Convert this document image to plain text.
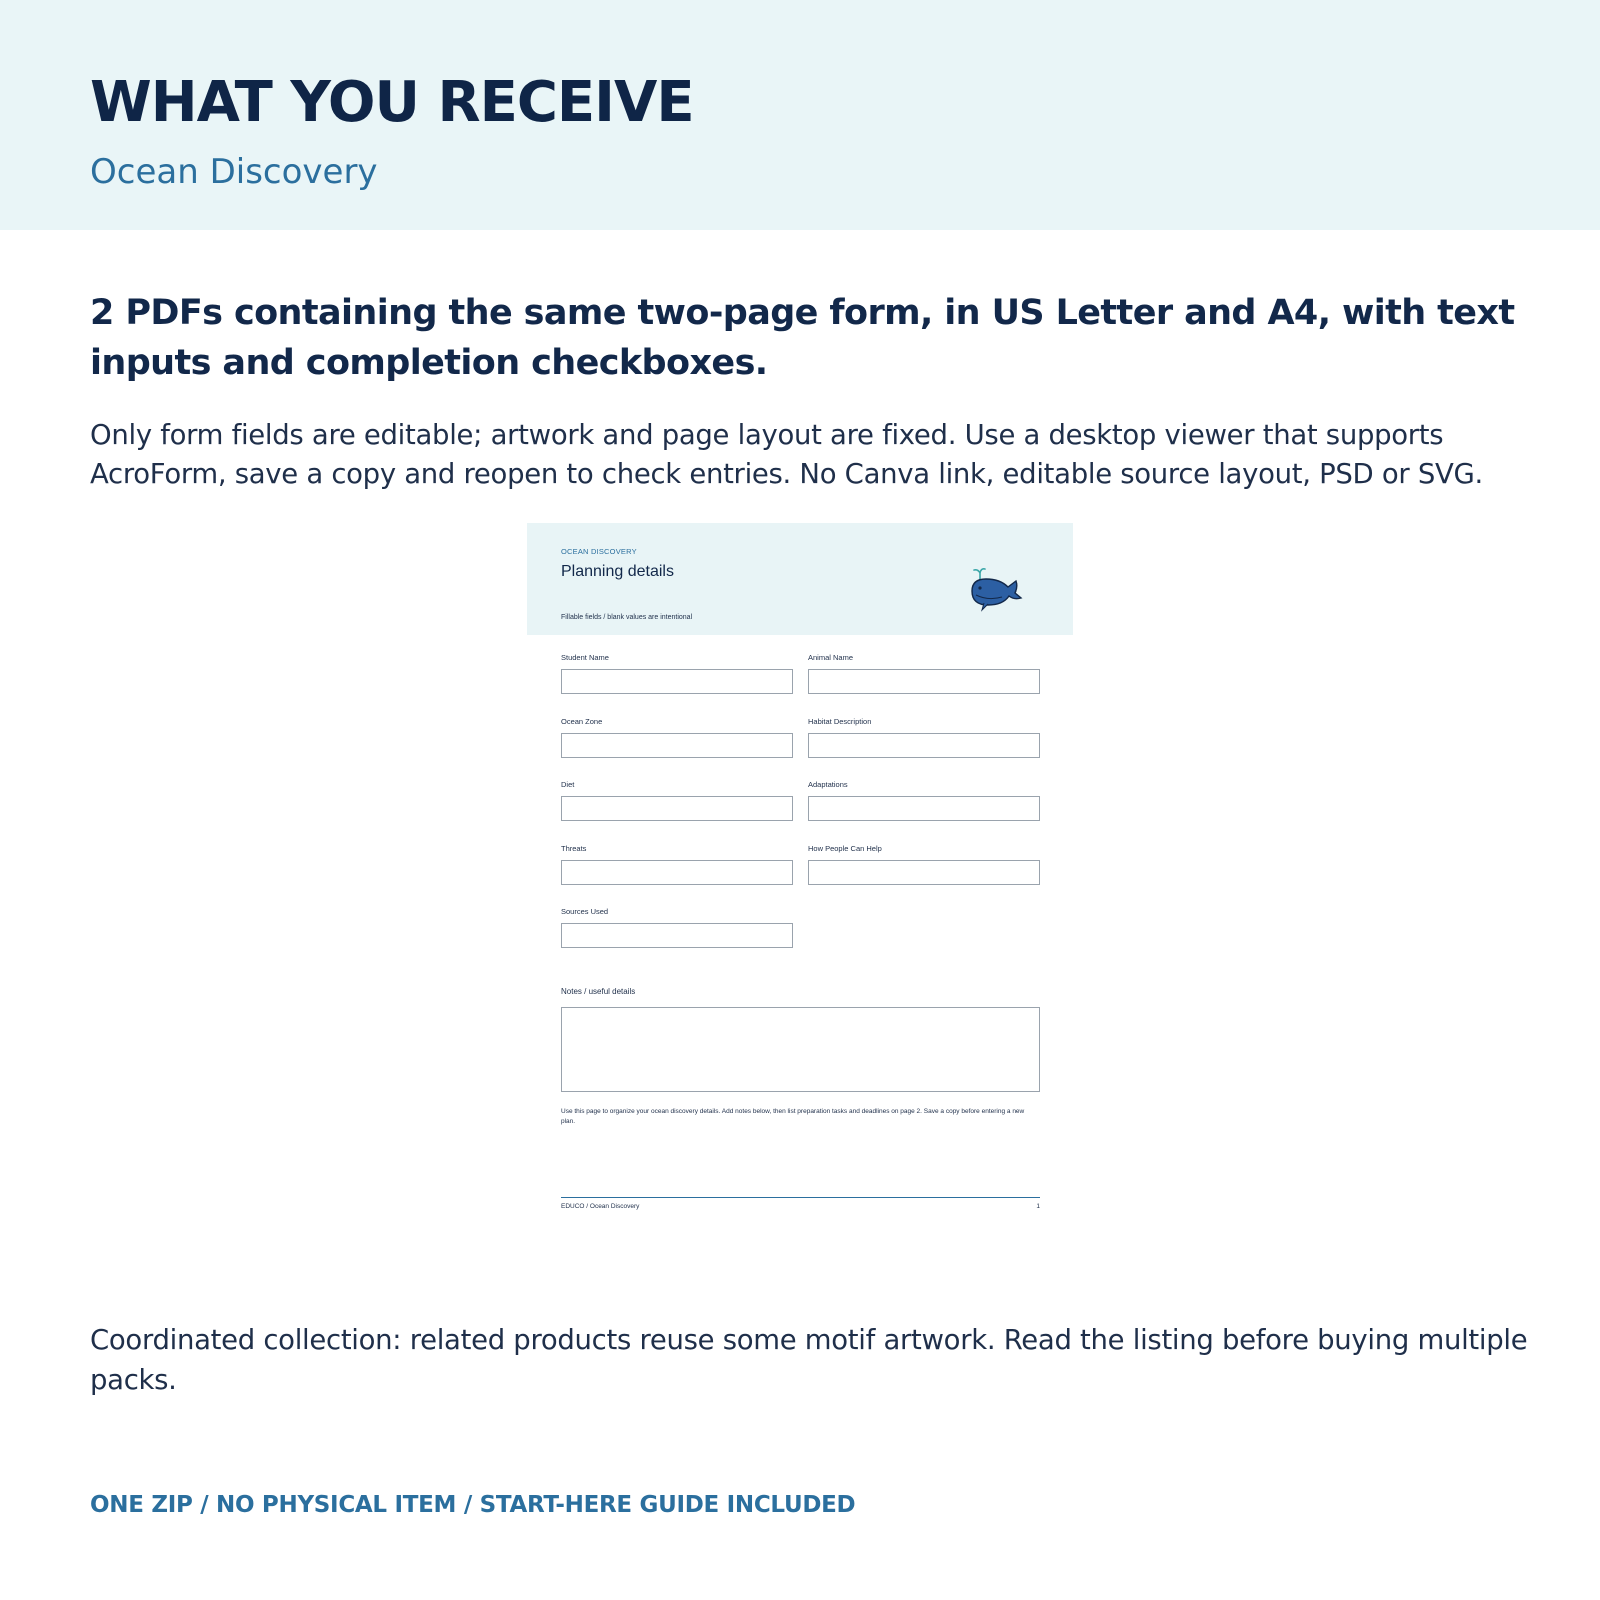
WHAT YOU RECEIVE
Ocean Discovery

2 PDFs containing the same two-page form, in US Letter and A4, with text inputs and completion checkboxes.

Only form fields are editable; artwork and page layout are fixed. Use a desktop viewer that supports AcroForm, save a copy and reopen to check entries. No Canva link, editable source layout, PSD or SVG.

OCEAN DISCOVERY
Planning details
Fillable fields / blank values are intentional
Student Name	Animal Name
Ocean Zone	Habitat Description
Diet	Adaptations
Threats	How People Can Help
Sources Used
Notes / useful details
Use this page to organize your ocean discovery details. Add notes below, then list preparation tasks and deadlines on page 2. Save a copy before entering a new plan.
EDUCO / Ocean Discovery	1

Coordinated collection: related products reuse some motif artwork. Read the listing before buying multiple packs.

ONE ZIP / NO PHYSICAL ITEM / START-HERE GUIDE INCLUDED
